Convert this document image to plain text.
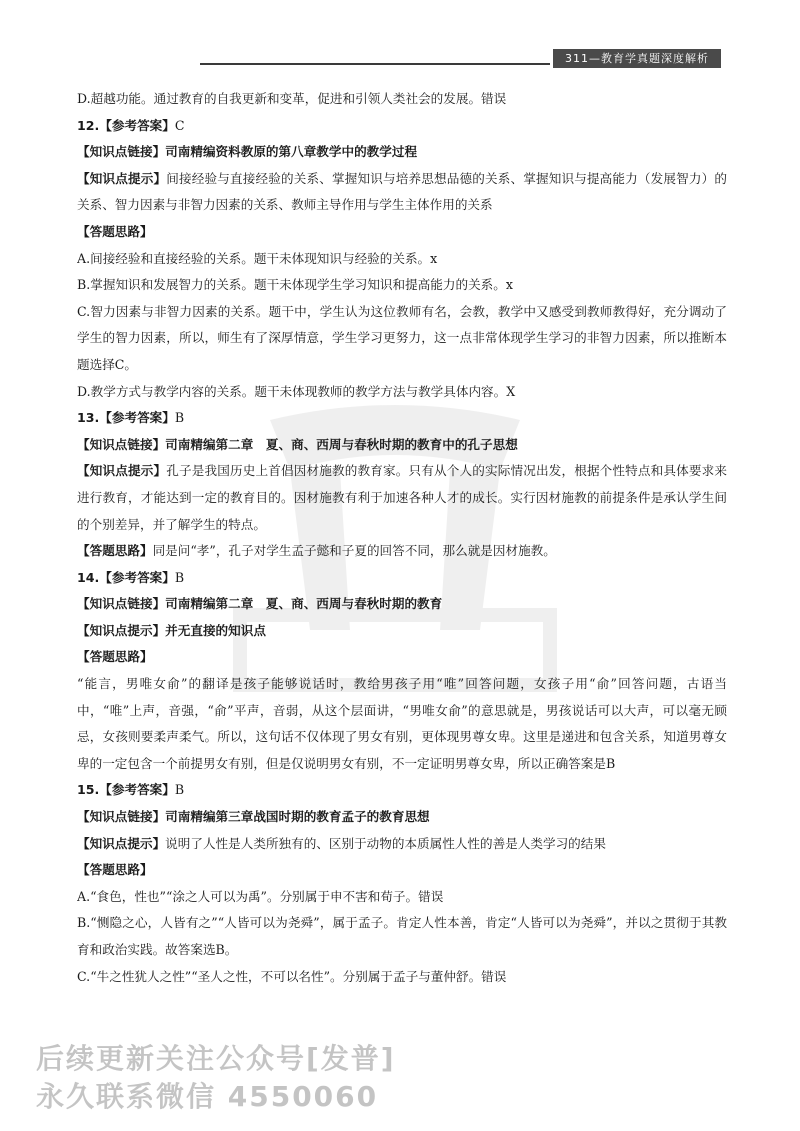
311—教育学真题深度解析
D.超越功能。通过教育的自我更新和变革，促进和引领人类社会的发展。错误
12.【参考答案】C
【知识点链接】司南精编资料教原的第八章教学中的教学过程
【知识点提示】间接经验与直接经验的关系、掌握知识与培养思想品德的关系、掌握知识与提高能力（发展智力）的关系、智力因素与非智力因素的关系、教师主导作用与学生主体作用的关系
【答题思路】
A.间接经验和直接经验的关系。题干未体现知识与经验的关系。x
B.掌握知识和发展智力的关系。题干未体现学生学习知识和提高能力的关系。x
C.智力因素与非智力因素的关系。题干中，学生认为这位教师有名，会教，教学中又感受到教师教得好，充分调动了学生的智力因素，所以，师生有了深厚情意，学生学习更努力，这一点非常体现学生学习的非智力因素，所以推断本题选择C。
D.教学方式与教学内容的关系。题干未体现教师的教学方法与教学具体内容。X
13.【参考答案】B
【知识点链接】司南精编第二章　夏、商、西周与春秋时期的教育中的孔子思想
【知识点提示】孔子是我国历史上首倡因材施教的教育家。只有从个人的实际情况出发，根据个性特点和具体要求来进行教育，才能达到一定的教育目的。因材施教有利于加速各种人才的成长。实行因材施教的前提条件是承认学生间的个别差异，并了解学生的特点。
【答题思路】同是问“孝”，孔子对学生孟子懿和子夏的回答不同，那么就是因材施教。
14.【参考答案】B
【知识点链接】司南精编第二章　夏、商、西周与春秋时期的教育
【知识点提示】并无直接的知识点
【答题思路】
“能言，男唯女俞”的翻译是孩子能够说话时，教给男孩子用“唯”回答问题，女孩子用“俞”回答问题，古语当中，“唯”上声，音强，“俞”平声，音弱，从这个层面讲，“男唯女俞”的意思就是，男孩说话可以大声，可以毫无顾忌，女孩则要柔声柔气。所以，这句话不仅体现了男女有别，更体现男尊女卑。这里是递进和包含关系，知道男尊女卑的一定包含一个前提男女有别，但是仅说明男女有别，不一定证明男尊女卑，所以正确答案是B
15.【参考答案】B
【知识点链接】司南精编第三章战国时期的教育孟子的教育思想
【知识点提示】说明了人性是人类所独有的、区别于动物的本质属性人性的善是人类学习的结果
【答题思路】
A.“食色，性也”“涂之人可以为禹”。分别属于申不害和荀子。错误
B.“恻隐之心，人皆有之”“人皆可以为尧舜”，属于孟子。肯定人性本善，肯定“人皆可以为尧舜”，并以之贯彻于其教育和政治实践。故答案选B。
C.“牛之性犹人之性”“圣人之性，不可以名性”。分别属于孟子与董仲舒。错误
后续更新关注公众号[发普]
永久联系微信 4550060
